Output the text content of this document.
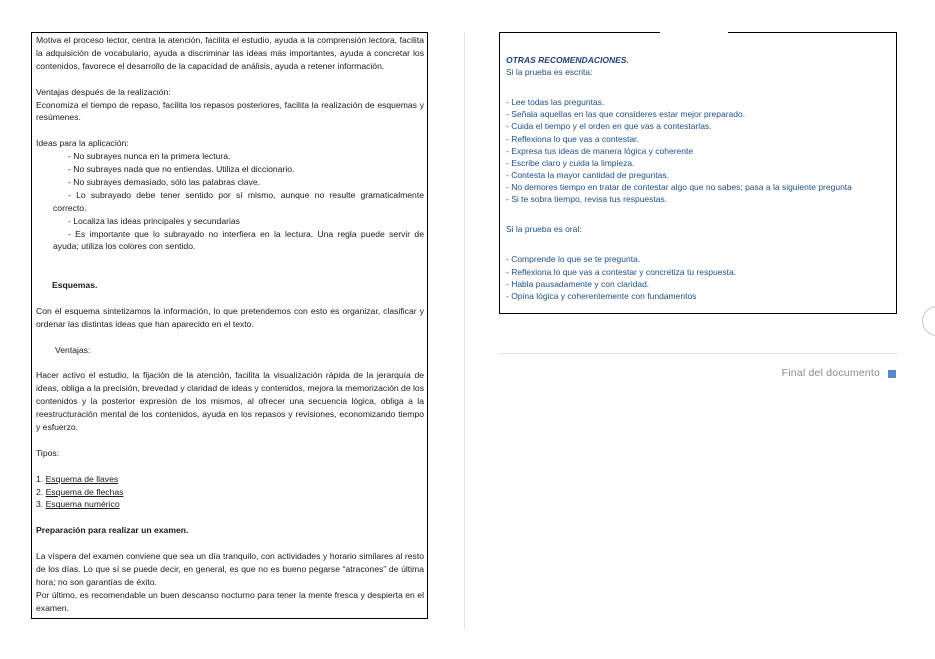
Motiva el proceso lector, centra la atención, facilita el estudio, ayuda a la comprensión lectora, facilita la adquisición de vocabulario, ayuda a discriminar las ideas más importantes, ayuda a concretar los contenidos, favorece el desarrollo de la capacidad de análisis, ayuda a retener información.

Ventajas después de la realización:

Economiza el tiempo de repaso, facilita los repasos posteriores, facilita la realización de esquemas y resúmenes.

Ideas para la aplicación:

- No subrayes nunca en la primera lectura.

- No subrayes nada que no entiendas. Utiliza el diccionario.

- No subrayes demasiado, sólo las palabras clave.

- Lo subrayado debe tener sentido por sí mismo, aunque no resulte gramaticalmente

correcto.

- Localiza las ideas principales y secundarias

- Es importante que lo subrayado no interfiera en la lectura. Una regla puede servir de

ayuda; utiliza los colores con sentido.

Esquemas.

Con el esquema sintetizamos la información, lo que pretendemos con esto es organizar, clasificar y ordenar las distintas ideas que han aparecido en el texto.

Ventajas:

Hacer activo el estudio, la fijación de la atención, facilita la visualización rápida de la jerarquía de ideas, obliga a la precisión, brevedad y claridad de ideas y contenidos, mejora la memorización de los contenidos y la posterior expresión de los mismos, al ofrecer una secuencia lógica, obliga a la reestructuración mental de los contenidos, ayuda en los repasos y revisiones, economizando tiempo y esfuerzo.

Tipos:

1. Esquema de llaves

2. Esquema de flechas

3. Esquema numérico

Preparación para realizar un examen.

La víspera del examen conviene que sea un día tranquilo, con actividades y horario similares al resto de los días. Lo que sí se puede decir, en general, es que no es bueno pegarse “atracones” de última hora; no son garantías de éxito.

Por último, es recomendable un buen descanso nocturno para tener la mente fresca y despierta en el examen.

OTRAS RECOMENDACIONES.

Si la prueba es escrita:

- Lee todas las preguntas.

- Señala aquellas en las que consideres estar mejor preparado.

- Cuida el tiempo y el orden en que vas a contestarlas.

- Reflexiona lo que vas a contestar.

- Expresa tus ideas de manera lógica y coherente

- Escribe claro y cuida la limpieza.

- Contesta la mayor cantidad de preguntas.

- No demores tiempo en tratar de contestar algo que no sabes; pasa a la siguiente pregunta

- Si te sobra tiempo, revisa tus respuestas.

Si la prueba es oral:

- Comprende lo que se te pregunta.

- Reflexiona lo que vas a contestar y concretiza tu respuesta.

- Habla pausadamente y con claridad.

- Opina lógica y coherentemente con fundamentos

Final del documento
